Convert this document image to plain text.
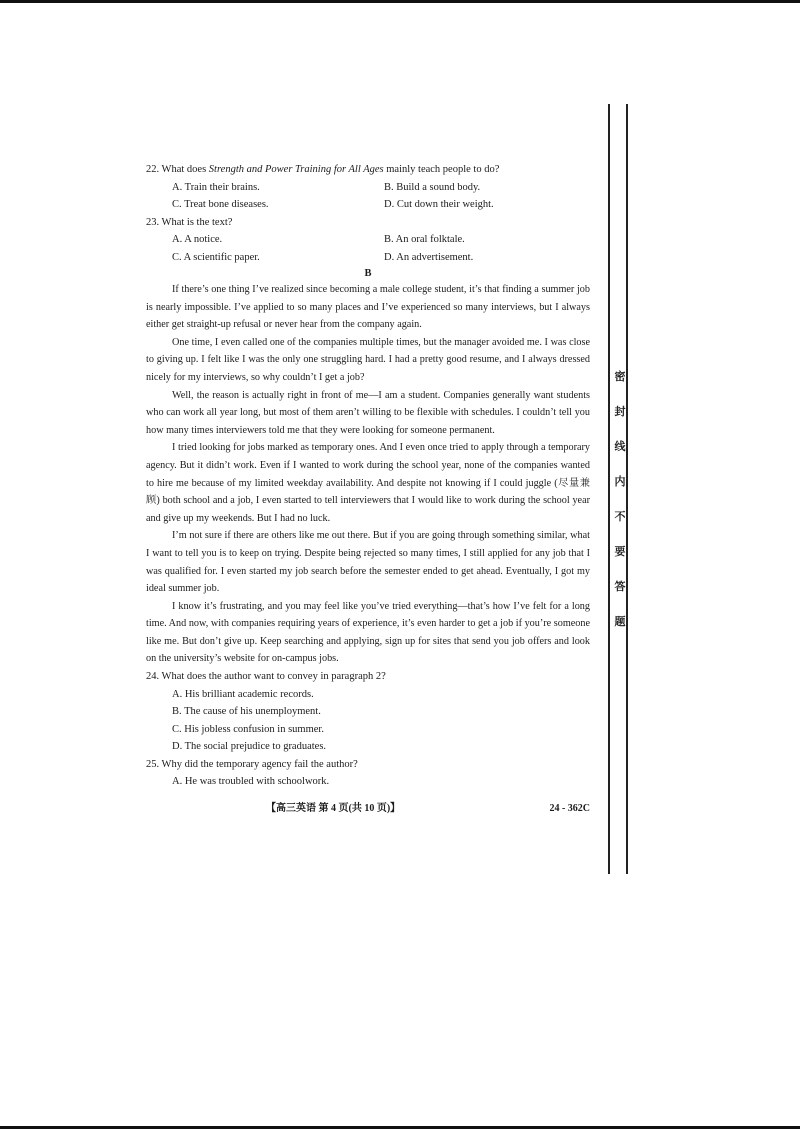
密
封
线
内
不
要
答
题
22. What does Strength and Power Training for All Ages mainly teach people to do?
A. Train their brains.	B. Build a sound body.
C. Treat bone diseases.	D. Cut down their weight.
23. What is the text?
A. A notice.	B. An oral folktale.
C. A scientific paper.	D. An advertisement.
B

If there’s one thing I’ve realized since becoming a male college student, it’s that finding a summer job is nearly impossible. I’ve applied to so many places and I’ve experienced so many interviews, but I always either get straight-up refusal or never hear from the company again.

One time, I even called one of the companies multiple times, but the manager avoided me. I was close to giving up. I felt like I was the only one struggling hard. I had a pretty good resume, and I always dressed nicely for my interviews, so why couldn’t I get a job?

Well, the reason is actually right in front of me—I am a student. Companies generally want students who can work all year long, but most of them aren’t willing to be flexible with schedules. I couldn’t tell you how many times interviewers told me that they were looking for someone permanent.

I tried looking for jobs marked as temporary ones. And I even once tried to apply through a temporary agency. But it didn’t work. Even if I wanted to work during the school year, none of the companies wanted to hire me because of my limited weekday availability. And despite not knowing if I could juggle (尽量兼顾) both school and a job, I even started to tell interviewers that I would like to work during the school year and give up my weekends. But I had no luck.

I’m not sure if there are others like me out there. But if you are going through something similar, what I want to tell you is to keep on trying. Despite being rejected so many times, I still applied for any job that I was qualified for. I even started my job search before the semester ended to get ahead. Eventually, I got my ideal summer job.

I know it’s frustrating, and you may feel like you’ve tried everything—that’s how I’ve felt for a long time. And now, with companies requiring years of experience, it’s even harder to get a job if you’re someone like me. But don’t give up. Keep searching and applying, sign up for sites that send you job offers and look on the university’s website for on-campus jobs.

24. What does the author want to convey in paragraph 2?
A. His brilliant academic records.
B. The cause of his unemployment.
C. His jobless confusion in summer.
D. The social prejudice to graduates.
25. Why did the temporary agency fail the author?
A. He was troubled with schoolwork.
【高三英语 第 4 页(共 10 页)】	24 - 362C
